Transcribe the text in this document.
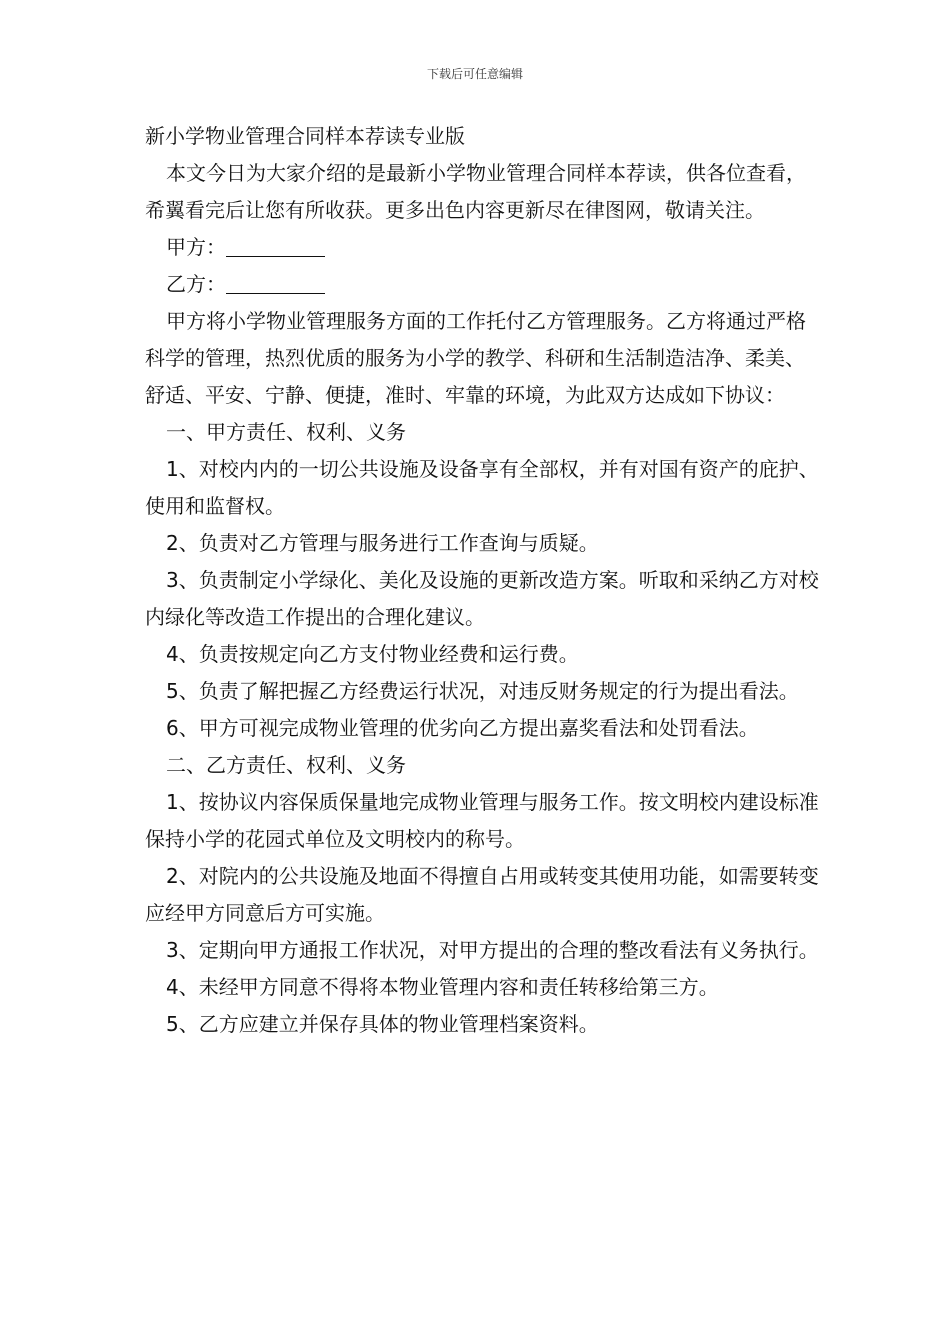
下载后可任意编辑

新小学物业管理合同样本荐读专业版

本文今日为大家介绍的是最新小学物业管理合同样本荐读，供各位查看，希翼看完后让您有所收获。更多出色内容更新尽在律图网，敬请关注。

甲方：

乙方：

甲方将小学物业管理服务方面的工作托付乙方管理服务。乙方将通过严格科学的管理，热烈优质的服务为小学的教学、科研和生活制造洁净、柔美、舒适、平安、宁静、便捷，准时、牢靠的环境，为此双方达成如下协议：

一、甲方责任、权利、义务

1、对校内内的一切公共设施及设备享有全部权，并有对国有资产的庇护、使用和监督权。

2、负责对乙方管理与服务进行工作查询与质疑。

3、负责制定小学绿化、美化及设施的更新改造方案。听取和采纳乙方对校内绿化等改造工作提出的合理化建议。

4、负责按规定向乙方支付物业经费和运行费。

5、负责了解把握乙方经费运行状况，对违反财务规定的行为提出看法。

6、甲方可视完成物业管理的优劣向乙方提出嘉奖看法和处罚看法。

二、乙方责任、权利、义务

1、按协议内容保质保量地完成物业管理与服务工作。按文明校内建设标准保持小学的花园式单位及文明校内的称号。

2、对院内的公共设施及地面不得擅自占用或转变其使用功能，如需要转变应经甲方同意后方可实施。

3、定期向甲方通报工作状况，对甲方提出的合理的整改看法有义务执行。

4、未经甲方同意不得将本物业管理内容和责任转移给第三方。

5、乙方应建立并保存具体的物业管理档案资料。
